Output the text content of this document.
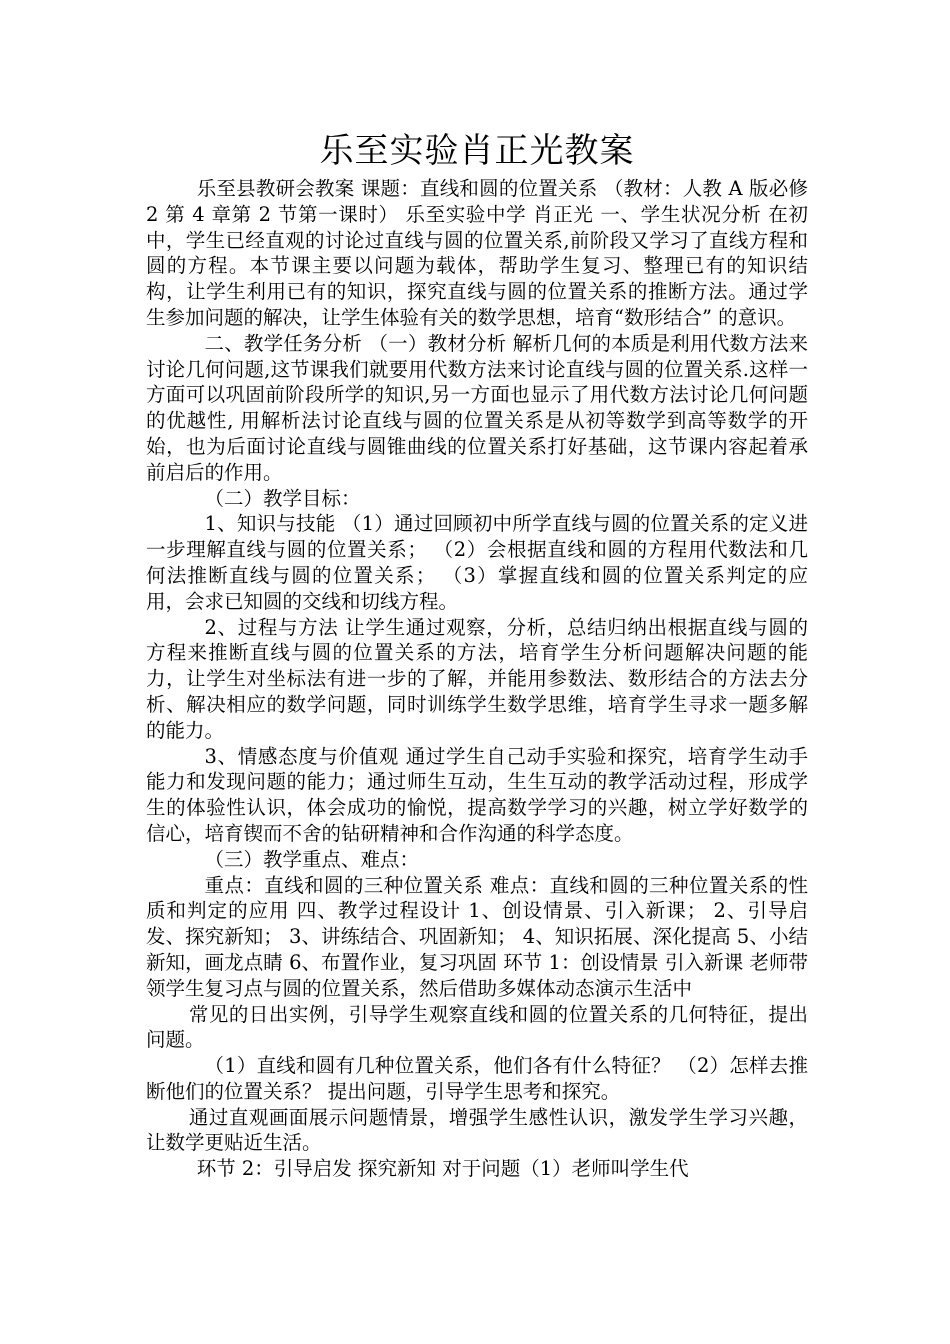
乐至实验肖正光教案

乐至县教研会教案 课题：直线和圆的位置关系 （教材：人教 A 版必修 2 第 4 章第 2 节第一课时） 乐至实验中学 肖正光 一、学生状况分析 在初中，学生已经直观的讨论过直线与圆的位置关系,前阶段又学习了直线方程和圆的方程。本节课主要以问题为载体，帮助学生复习、整理已有的知识结构，让学生利用已有的知识，探究直线与圆的位置关系的推断方法。通过学生参加问题的解决，让学生体验有关的数学思想，培育“数形结合” 的意识。

二、教学任务分析 （一）教材分析 解析几何的本质是利用代数方法来讨论几何问题,这节课我们就要用代数方法来讨论直线与圆的位置关系.这样一方面可以巩固前阶段所学的知识,另一方面也显示了用代数方法讨论几何问题的优越性, 用解析法讨论直线与圆的位置关系是从初等数学到高等数学的开始，也为后面讨论直线与圆锥曲线的位置关系打好基础，这节课内容起着承前启后的作用。

（二）教学目标：

1、知识与技能 （1）通过回顾初中所学直线与圆的位置关系的定义进一步理解直线与圆的位置关系； （2）会根据直线和圆的方程用代数法和几何法推断直线与圆的位置关系； （3）掌握直线和圆的位置关系判定的应用，会求已知圆的交线和切线方程。

2、过程与方法 让学生通过观察，分析，总结归纳出根据直线与圆的方程来推断直线与圆的位置关系的方法，培育学生分析问题解决问题的能力，让学生对坐标法有进一步的了解，并能用参数法、数形结合的方法去分析、解决相应的数学问题，同时训练学生数学思维，培育学生寻求一题多解的能力。

3、情感态度与价值观 通过学生自己动手实验和探究，培育学生动手能力和发现问题的能力；通过师生互动，生生互动的教学活动过程，形成学生的体验性认识，体会成功的愉悦，提高数学学习的兴趣，树立学好数学的信心，培育锲而不舍的钻研精神和合作沟通的科学态度。

（三）教学重点、难点：

重点：直线和圆的三种位置关系 难点：直线和圆的三种位置关系的性质和判定的应用 四、教学过程设计 1、创设情景、引入新课； 2、引导启发、探究新知； 3、讲练结合、巩固新知； 4、知识拓展、深化提高 5、小结新知，画龙点睛 6、布置作业，复习巩固 环节 1：创设情景 引入新课 老师带领学生复习点与圆的位置关系，然后借助多媒体动态演示生活中

常见的日出实例，引导学生观察直线和圆的位置关系的几何特征，提出问题。

（1）直线和圆有几种位置关系，他们各有什么特征？ （2）怎样去推断他们的位置关系？ 提出问题，引导学生思考和探究。

通过直观画面展示问题情景，增强学生感性认识，激发学生学习兴趣，让数学更贴近生活。

环节 2：引导启发 探究新知 对于问题（1）老师叫学生代
